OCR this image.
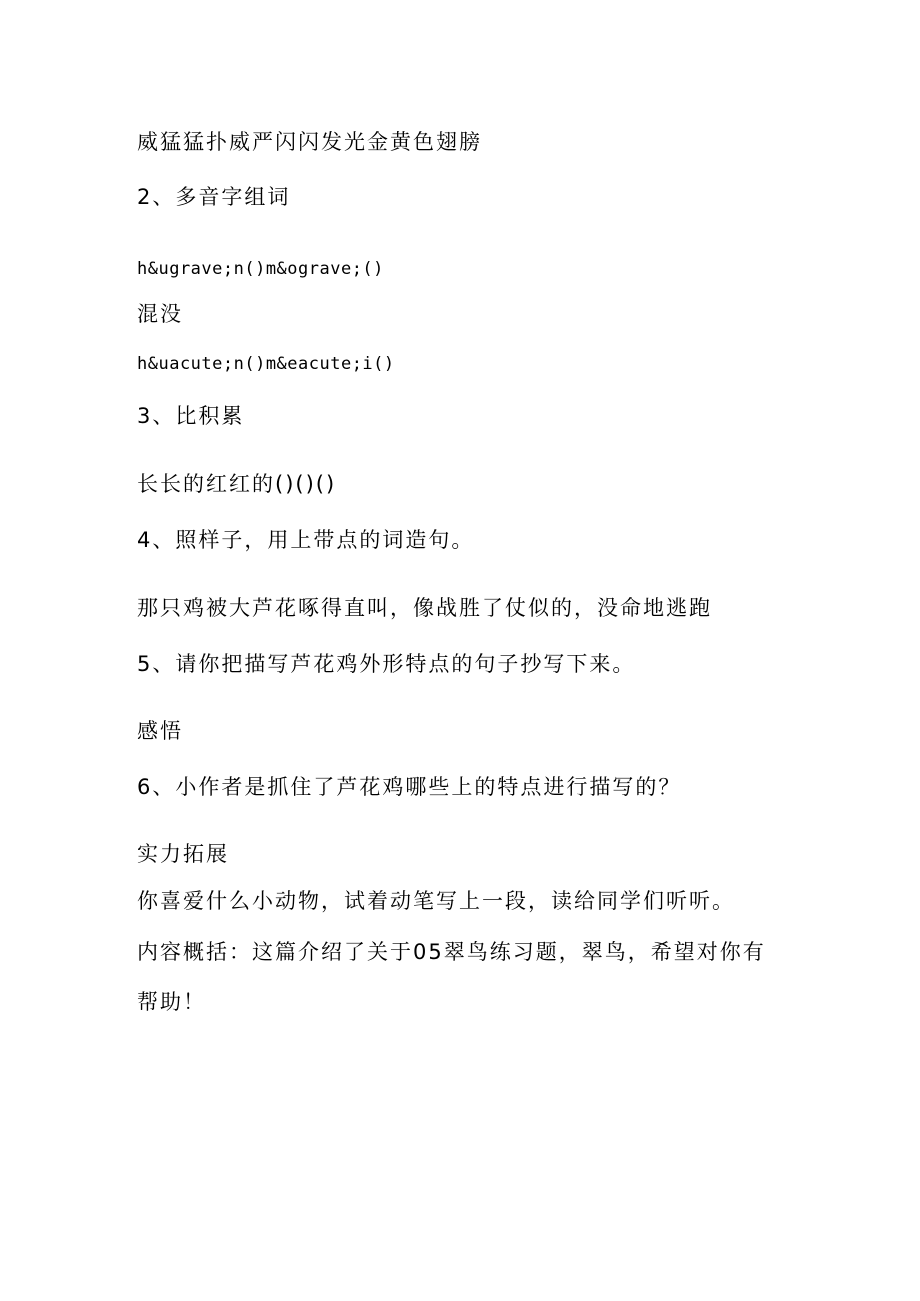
威猛猛扑威严闪闪发光金黄色翅膀
2、多音字组词
h&ugrave;n()m&ograve;()
混没
h&uacute;n()m&eacute;i()
3、比积累
长长的红红的()()()
4、照样子，用上带点的词造句。
那只鸡被大芦花啄得直叫，像战胜了仗似的，没命地逃跑
5、请你把描写芦花鸡外形特点的句子抄写下来。
感悟
6、小作者是抓住了芦花鸡哪些上的特点进行描写的？
实力拓展
你喜爱什么小动物，试着动笔写上一段，读给同学们听听。
内容概括：这篇介绍了关于05翠鸟练习题，翠鸟，希望对你有
帮助！
